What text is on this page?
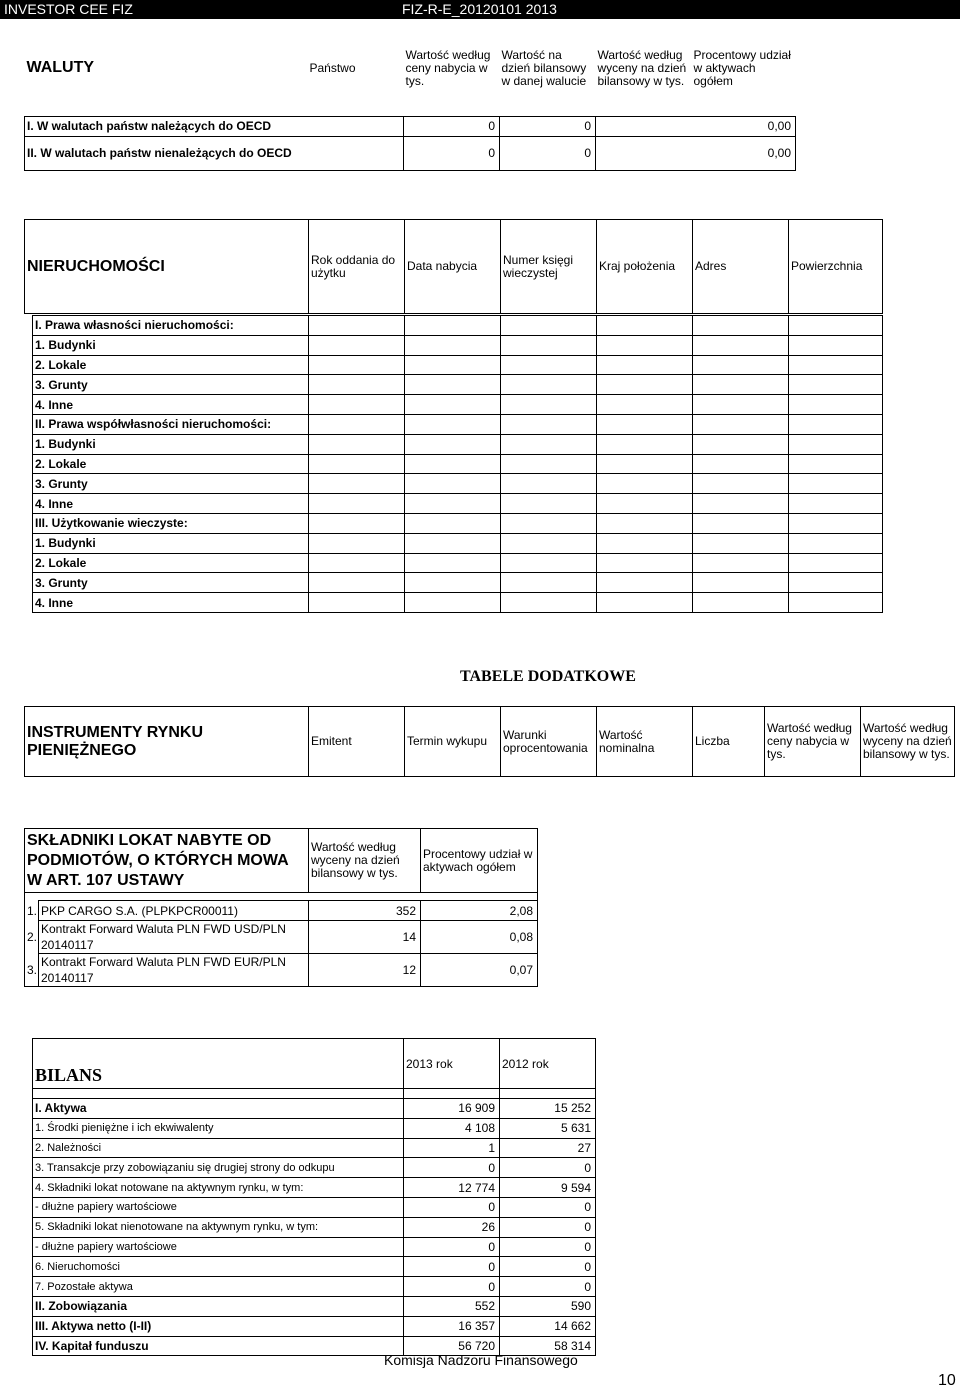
INVESTOR CEE FIZ	FIZ-R-E_20120101 2013
WALUTY	Państwo	Wartość według ceny nabycia w tys.	Wartość na dzień bilansowy w danej walucie	Wartość według wyceny na dzień bilansowy w tys.	Procentowy udział w aktywach ogółem

I. W walutach państw należących do OECD		0	0	0,00	
II. W walutach państw nienależących do OECD		0	0	0,00	
NIERUCHOMOŚCI	Rok oddania do użytku	Data nabycia	Numer księgi wieczystej	Kraj położenia	Adres	Powierzchnia
I. Prawa własności nieruchomości:						
1. Budynki						
2. Lokale						
3. Grunty						
4. Inne						
II. Prawa współwłasności nieruchomości:						
1. Budynki						
2. Lokale						
3. Grunty						
4. Inne						
III. Użytkowanie wieczyste:						
1. Budynki						
2. Lokale						
3. Grunty						
4. Inne						
TABELE DODATKOWE
INSTRUMENTY RYNKU PIENIĘŻNEGO	Emitent	Termin wykupu	Warunki oprocentowania	Wartość nominalna	Liczba	Wartość według ceny nabycia w tys.	Wartość według wyceny na dzień bilansowy w tys.
SKŁADNIKI LOKAT NABYTE OD PODMIOTÓW, O KTÓRYCH MOWA W ART. 107 USTAWY		Wartość według wyceny na dzień bilansowy w tys.	Procentowy udział w aktywach ogółem

1.	PKP CARGO S.A. (PLPKPCR00011)	352	2,08
2.	Kontrakt Forward Waluta PLN FWD USD/PLN 20140117	14	0,08
3.	Kontrakt Forward Waluta PLN FWD EUR/PLN 20140117	12	0,07
BILANS	2013 rok	2012 rok

I. Aktywa	16 909	15 252
1. Środki pieniężne i ich ekwiwalenty	4 108	5 631
2. Należności	1	27
3. Transakcje przy zobowiązaniu się drugiej strony do odkupu	0	0
4. Składniki lokat notowane na aktywnym rynku, w tym:	12 774	9 594
- dłużne papiery wartościowe	0	0
5. Składniki lokat nienotowane na aktywnym rynku, w tym:	26	0
- dłużne papiery wartościowe	0	0
6. Nieruchomości	0	0
7. Pozostałe aktywa	0	0
II. Zobowiązania	552	590
III. Aktywa netto (I-II)	16 357	14 662
IV. Kapitał funduszu	56 720	58 314
Komisja Nadzoru Finansowego
10
